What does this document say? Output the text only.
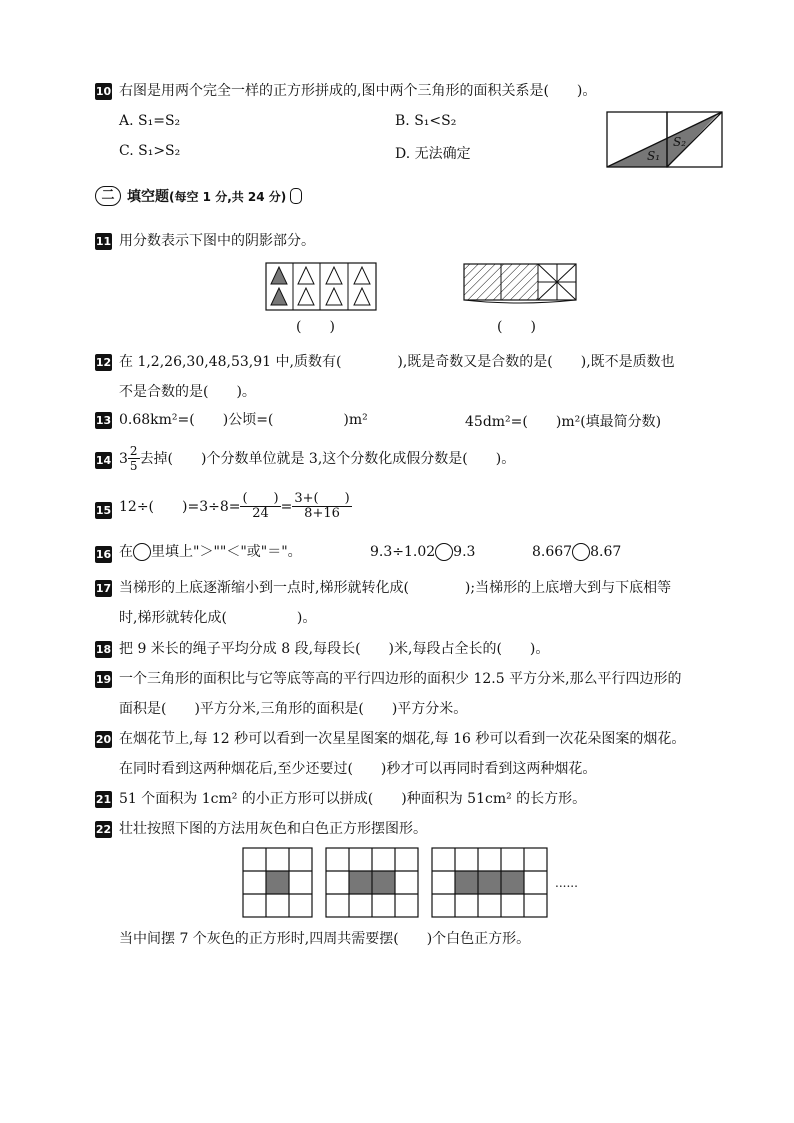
10 右图是用两个完全一样的正方形拼成的,图中两个三角形的面积关系是(　　)。
A. S₁=S₂	B. S₁<S₂
C. S₁>S₂	D. 无法确定	S₁
S₂
二 填空题 (每空 1 分,共 24 分)
11 用分数表示下图中的阴影部分。
(　　)	(　　)
12 在 1,2,26,30,48,53,91 中,质数有(　　　　),既是奇数又是合数的是(　　),既不是质数也
不是合数的是(　　)。
13 0.68km²=(　　)公顷=(　　　　　)m²	45dm²=(　　)m²(填最简分数)
14 $3 \frac{2}{5}$ 去掉(　　)个分数单位就是 3,这个分数化成假分数是(　　)。
15 12÷(　　)$=3\div 8= \frac{( )}{24} = \frac{3+( )}{8+16}$
16 在 里填上"＞""＜"或"＝"。	9.3÷1.02 9.3	8.667 8.67
17 当梯形的上底逐渐缩小到一点时,梯形就转化成(　　　　);当梯形的上底增大到与下底相等
时,梯形就转化成(　　　　　)。
18 把 9 米长的绳子平均分成 8 段,每段长(　　)米,每段占全长的(　　)。
19 一个三角形的面积比与它等底等高的平行四边形的面积少 12.5 平方分米,那么平行四边形的
面积是(　　)平方分米,三角形的面积是(　　)平方分米。
20 在烟花节上,每 12 秒可以看到一次星星图案的烟花,每 16 秒可以看到一次花朵图案的烟花。
在同时看到这两种烟花后,至少还要过(　　)秒才可以再同时看到这两种烟花。
21 51 个面积为 1cm² 的小正方形可以拼成(　　)种面积为 51cm² 的长方形。
22 壮壮按照下图的方法用灰色和白色正方形摆图形。
......
当中间摆 7 个灰色的正方形时,四周共需要摆(　　)个白色正方形。
